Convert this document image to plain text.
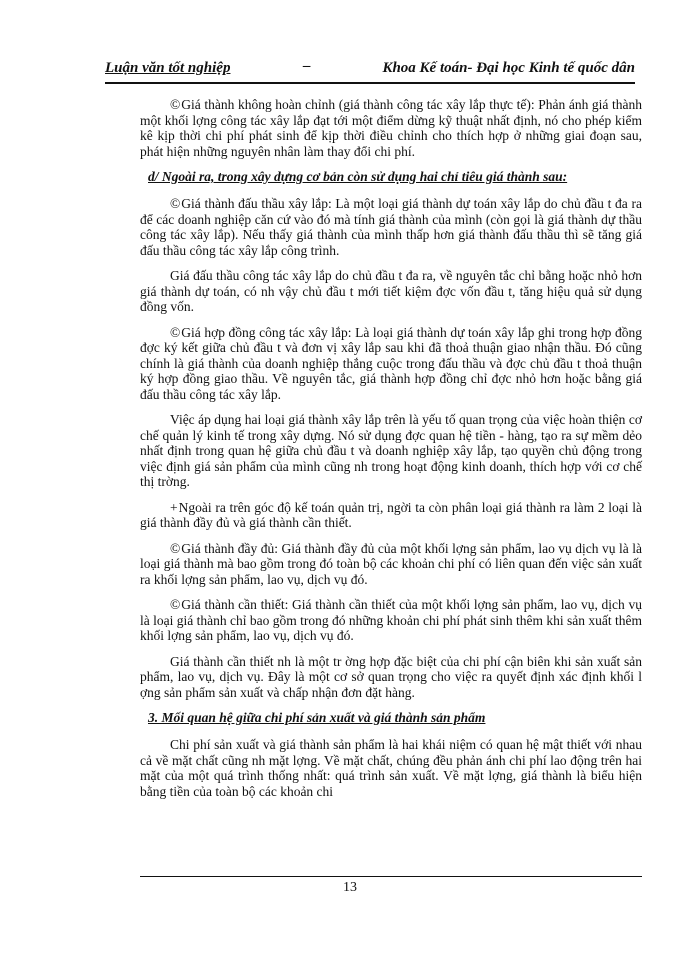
Luận văn tốt nghiệp	–	Khoa Kế toán- Đại học Kinh tế quốc dân

©Giá thành không hoàn chỉnh (giá thành công tác xây lắp thực tế): Phản ánh giá thành một khối lợng công tác xây lắp đạt tới một điểm dừng kỹ thuật nhất định, nó cho phép kiểm kê kịp thời chi phí phát sinh để kịp thời điều chỉnh cho thích hợp ở những giai đoạn sau, phát hiện những nguyên nhân làm thay đổi chi phí.

d/ Ngoài ra, trong xây dựng cơ bản còn sử dụng hai chỉ tiêu giá thành sau:

©Giá thành đấu thầu xây lắp: Là một loại giá thành dự toán xây lắp do chủ đầu t đa ra để các doanh nghiệp căn cứ vào đó mà tính giá thành của mình (còn gọi là giá thành dự thầu công tác xây lắp). Nếu thấy giá thành của mình thấp hơn giá thành đấu thầu thì sẽ tăng giá đấu thầu công tác xây lắp công trình.

Giá đấu thầu công tác xây lắp do chủ đầu t đa ra, về nguyên tắc chỉ bằng hoặc nhỏ hơn giá thành dự toán, có nh vậy chủ đầu t mới tiết kiệm đợc vốn đầu t, tăng hiệu quả sử dụng đồng vốn.

©Giá hợp đồng công tác xây lắp: Là loại giá thành dự toán xây lắp ghi trong hợp đồng đợc ký kết giữa chủ đầu t và đơn vị xây lắp sau khi đã thoả thuận giao nhận thầu. Đó cũng chính là giá thành của doanh nghiệp thắng cuộc trong đấu thầu và đợc chủ đầu t thoả thuận ký hợp đồng giao thầu. Về nguyên tắc, giá thành hợp đồng chỉ đợc nhỏ hơn hoặc bằng giá đấu thầu công tác xây lắp.

Việc áp dụng hai loại giá thành xây lắp trên là yếu tố quan trọng của việc hoàn thiện cơ chế quản lý kinh tế trong xây dựng. Nó sử dụng đợc quan hệ tiền - hàng, tạo ra sự mềm dẻo nhất định trong quan hệ giữa chủ đầu t và doanh nghiệp xây lắp, tạo quyền chủ động trong việc định giá sản phẩm của mình cũng nh trong hoạt động kinh doanh, thích hợp với cơ chế thị trờng.

+Ngoài ra trên góc độ kế toán quản trị, ngời ta còn phân loại giá thành ra làm 2 loại là giá thành đầy đủ và giá thành cần thiết.

©Giá thành đầy đủ: Giá thành đầy đủ của một khối lợng sản phẩm, lao vụ dịch vụ là là loại giá thành mà bao gồm trong đó toàn bộ các khoản chi phí có liên quan đến việc sản xuất ra khối lợng sản phẩm, lao vụ, dịch vụ đó.

©Giá thành cần thiết: Giá thành cần thiết của một khối lợng sản phẩm, lao vụ, dịch vụ là loại giá thành chỉ bao gồm trong đó những khoản chi phí phát sinh thêm khi sản xuất thêm khối lợng sản phẩm, lao vụ, dịch vụ đó.

Giá thành cần thiết nh là một tr ờng hợp đặc biệt của chi phí cận biên khi sản xuất sản phẩm, lao vụ, dịch vụ. Đây là một cơ sở quan trọng cho việc ra quyết định xác định khối l ợng sản phẩm sản xuất và chấp nhận đơn đặt hàng.

3. Mối quan hệ giữa chi phí sản xuất và giá thành sản phẩm

Chi phí sản xuất và giá thành sản phẩm là hai khái niệm có quan hệ mật thiết với nhau cả về mặt chất cũng nh mặt lợng. Về mặt chất, chúng đều phản ánh chi phí lao động trên hai mặt của một quá trình thống nhất: quá trình sản xuất. Về mặt lợng, giá thành là biểu hiện bằng tiền của toàn bộ các khoản chi

13
